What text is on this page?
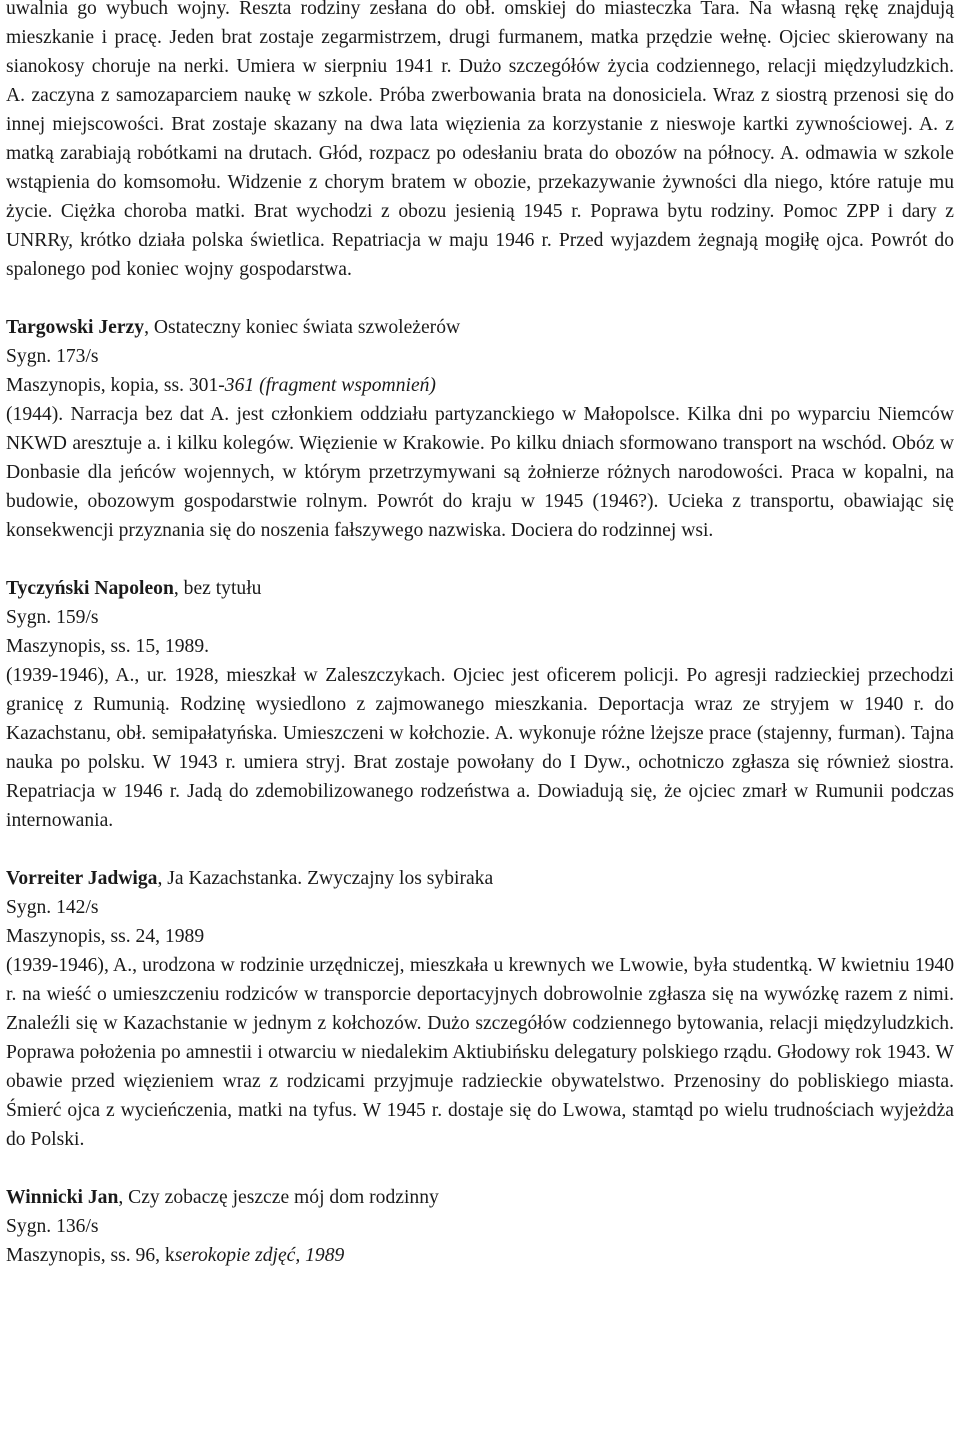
uwalnia go wybuch wojny. Reszta rodziny zesłana do obł. omskiej do miasteczka Tara. Na własną rękę znajdują mieszkanie i pracę. Jeden brat zostaje zegarmistrzem, drugi furmanem, matka przędzie wełnę. Ojciec skierowany na sianokosy choruje na nerki. Umiera w sierpniu 1941 r. Dużo szczegółów życia codziennego, relacji międzyludzkich. A. zaczyna z samozaparciem naukę w szkole. Próba zwerbowania brata na donosiciela. Wraz z siostrą przenosi się do innej miejscowości. Brat zostaje skazany na dwa lata więzienia za korzystanie z nieswoje kartki zywnościowej. A. z matką zarabiają robótkami na drutach. Głód, rozpacz po odesłaniu brata do obozów na północy. A. odmawia w szkole wstąpienia do komsomołu. Widzenie z chorym bratem w obozie, przekazywanie żywności dla niego, które ratuje mu życie. Ciężka choroba matki. Brat wychodzi z obozu jesienią 1945 r. Poprawa bytu rodziny. Pomoc ZPP i dary z UNRRy, krótko działa polska świetlica. Repatriacja w maju 1946 r. Przed wyjazdem żegnają mogiłę ojca. Powrót do spalonego pod koniec wojny gospodarstwa.

Targowski Jerzy, Ostateczny koniec świata szwoleżerów
Sygn. 173/s
Maszynopis, kopia, ss. 301-361 (fragment wspomnień)

(1944). Narracja bez dat A. jest członkiem oddziału partyzanckiego w Małopolsce. Kilka dni po wyparciu Niemców NKWD aresztuje a. i kilku kolegów. Więzienie w Krakowie. Po kilku dniach sformowano transport na wschód. Obóz w Donbasie dla jeńców wojennych, w którym przetrzymywani są żołnierze różnych narodowości. Praca w kopalni, na budowie, obozowym gospodarstwie rolnym. Powrót do kraju w 1945 (1946?). Ucieka z transportu, obawiając się konsekwencji przyznania się do noszenia fałszywego nazwiska. Dociera do rodzinnej wsi.

Tyczyński Napoleon, bez tytułu
Sygn. 159/s
Maszynopis, ss. 15, 1989.

(1939-1946), A., ur. 1928, mieszkał w Zaleszczykach. Ojciec jest oficerem policji. Po agresji radzieckiej przechodzi granicę z Rumunią. Rodzinę wysiedlono z zajmowanego mieszkania. Deportacja wraz ze stryjem w 1940 r. do Kazachstanu, obł. semipałatyńska. Umieszczeni w kołchozie. A. wykonuje różne lżejsze prace (stajenny, furman). Tajna nauka po polsku. W 1943 r. umiera stryj. Brat zostaje powołany do I Dyw., ochotniczo zgłasza się również siostra. Repatriacja w 1946 r. Jadą do zdemobilizowanego rodzeństwa a. Dowiadują się, że ojciec zmarł w Rumunii podczas internowania.

Vorreiter Jadwiga, Ja Kazachstanka. Zwyczajny los sybiraka
Sygn. 142/s
Maszynopis, ss. 24, 1989

(1939-1946), A., urodzona w rodzinie urzędniczej, mieszkała u krewnych we Lwowie, była studentką. W kwietniu 1940 r. na wieść o umieszczeniu rodziców w transporcie deportacyjnych dobrowolnie zgłasza się na wywózkę razem z nimi. Znaleźli się w Kazachstanie w jednym z kołchozów. Dużo szczegółów codziennego bytowania, relacji międzyludzkich. Poprawa położenia po amnestii i otwarciu w niedalekim Aktiubińsku delegatury polskiego rządu. Głodowy rok 1943. W obawie przed więzieniem wraz z rodzicami przyjmuje radzieckie obywatelstwo. Przenosiny do pobliskiego miasta. Śmierć ojca z wycieńczenia, matki na tyfus. W 1945 r. dostaje się do Lwowa, stamtąd po wielu trudnościach wyjeżdża do Polski.

Winnicki Jan, Czy zobaczę jeszcze mój dom rodzinny
Sygn. 136/s
Maszynopis, ss. 96, kserokopie zdjęć, 1989
